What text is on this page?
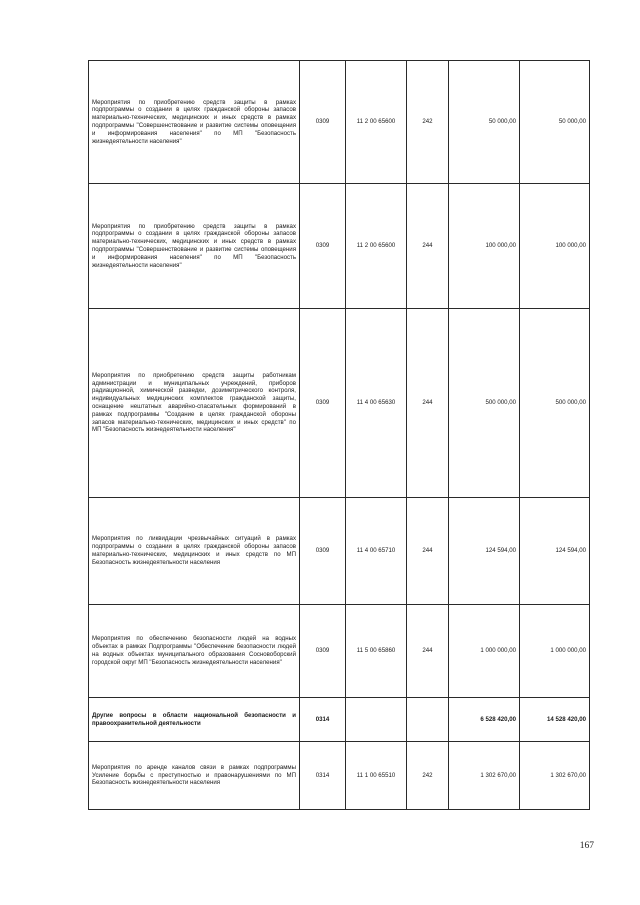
Мероприятия по приобретению средств защиты в рамках подпрограммы о создании в целях гражданской обороны запасов материально-технических, медицинских и иных средств в рамках подпрограммы "Совершенствование и развитие системы оповещения и информирования населения" по МП "Безопасность жизнедеятельности населения"	0309	11 2 00 65600	242	50 000,00	50 000,00
Мероприятия по приобретению средств защиты в рамках подпрограммы о создании в целях гражданской обороны запасов материально-технических, медицинских и иных средств в рамках подпрограммы "Совершенствование и развитие системы оповещения и информирования населения" по МП "Безопасность жизнедеятельности населения"	0309	11 2 00 65600	244	100 000,00	100 000,00
Мероприятия по приобретению средств защиты работникам администрации и муниципальных учреждений, приборов радиационной, химической разведки, дозиметрического контроля, индивидуальных медицинских комплектов гражданской защиты, оснащение нештатных аварийно-спасательных формирований в рамках подпрограммы "Создание в целях гражданской обороны запасов материально-технических, медицинских и иных средств" по МП "Безопасность жизнедеятельности населения"	0309	11 4 00 65630	244	500 000,00	500 000,00
Мероприятия по ликвидации чрезвычайных ситуаций в рамках подпрограммы о создании в целях гражданской обороны запасов материально-технических, медицинских и иных средств по МП Безопасность жизнедеятельности населения	0309	11 4 00 65710	244	124 594,00	124 594,00
Мероприятия по обеспечению безопасности людей на водных объектах в рамках Подпрограммы "Обеспечение безопасности людей на водных объектах муниципального образования Сосновоборский городской округ МП "Безопасность жизнедеятельности населения"	0309	11 5 00 65860	244	1 000 000,00	1 000 000,00
Другие вопросы в области национальной безопасности и правоохранительной деятельности	0314			6 528 420,00	14 528 420,00
Мероприятия по аренде каналов связи в рамках подпрограммы Усиление борьбы с преступностью и правонарушениями по МП Безопасность жизнедеятельности населения	0314	11 1 00 65510	242	1 302 670,00	1 302 670,00
167
